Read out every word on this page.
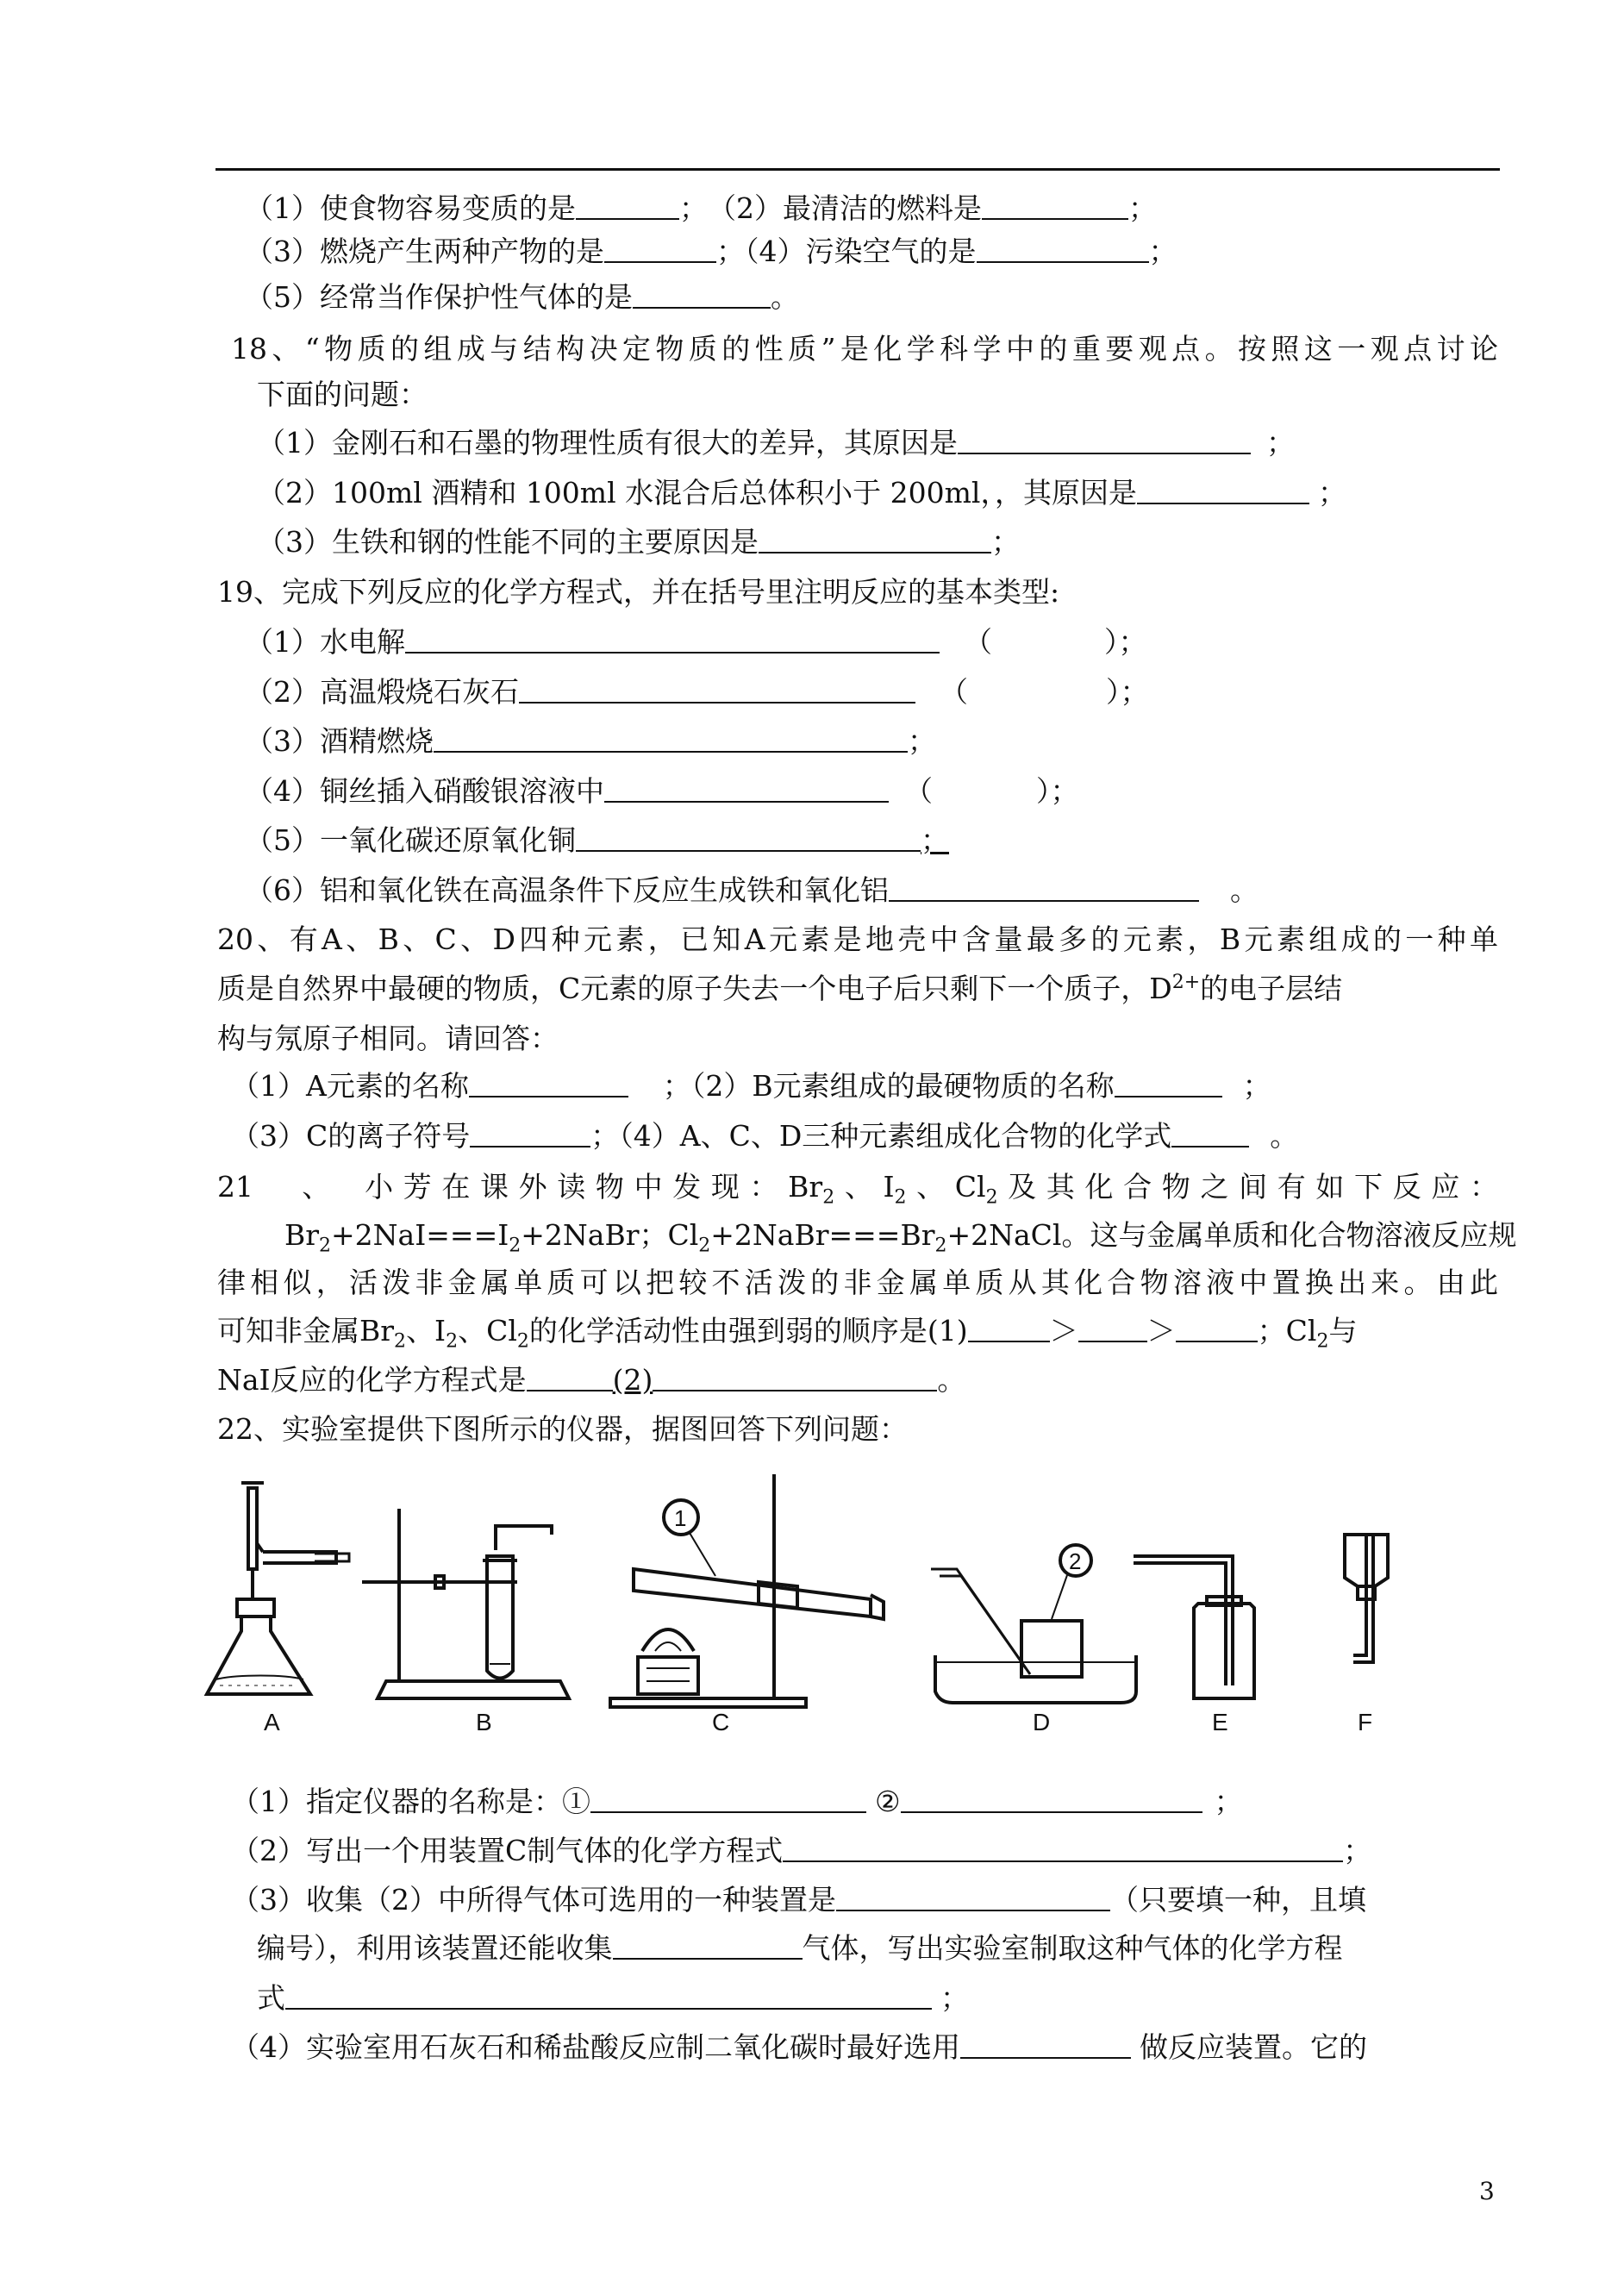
（1）使食物容易变质的是	；　（2）最清洁的燃料是	；
（3）燃烧产生两种产物的是	；（4）污染空气的是	；
（5）经常当作保护性气体的是	。
18、“物质的组成与结构决定物质的性质”是化学科学中的重要观点。按照这一观点讨论
下面的问题：
（1）金刚石和石墨的物理性质有很大的差异，其原因是	；
（2）100ml 酒精和 100ml 水混合后总体积小于 200ml，，其原因是	；
（3）生铁和钢的性能不同的主要原因是	；
19、完成下列反应的化学方程式，并在括号里注明反应的基本类型:
（1）水电解	（	）；
（2）高温煅烧石灰石	（	）；
（3）酒精燃烧	；
（4）铜丝插入硝酸银溶液中	（	）；
（5）一氧化碳还原氧化铜	；
（6）铝和氧化铁在高温条件下反应生成铁和氧化铝	。
20、有A、B、C、D四种元素，已知A元素是地壳中含量最多的元素，B元素组成的一种单
质是自然界中最硬的物质，C元素的原子失去一个电子后只剩下一个质子，$D^{2+}$的电子层结
构与氖原子相同。请回答：
（1）A元素的名称	；（2）B元素组成的最硬物质的名称	；
（3）C的离子符号	；（4）A、C、D三种元素组成化合物的化学式	。
21　、　小芳在课外读物中发现：$Br_2$、$I_2$、$Cl_2$及其化合物之间有如下反应：
$Br_2+2NaI===I_2+2NaBr$；$Cl_2+2NaBr===Br_2+2NaCl$。这与金属单质和化合物溶液反应规
律相似，活泼非金属单质可以把较不活泼的非金属单质从其化合物溶液中置换出来。由此
可知非金属$Br_2$、$I_2$、$Cl_2$的化学活动性由强到弱的顺序是(1)	＞ ＞	；$Cl_2$与
NaI反应的化学方程式是	(2)	。
22、实验室提供下图所示的仪器，据图回答下列问题：
A	B	C	D	E	F
1
2
（1）指定仪器的名称是：①	②	；
（2）写出一个用装置C制气体的化学方程式	；
（3）收集（2）中所得气体可选用的一种装置是	（只要填一种，且填
编号），利用该装置还能收集	气体，写出实验室制取这种气体的化学方程
式	；
（4）实验室用石灰石和稀盐酸反应制二氧化碳时最好选用	做反应装置。它的
3
